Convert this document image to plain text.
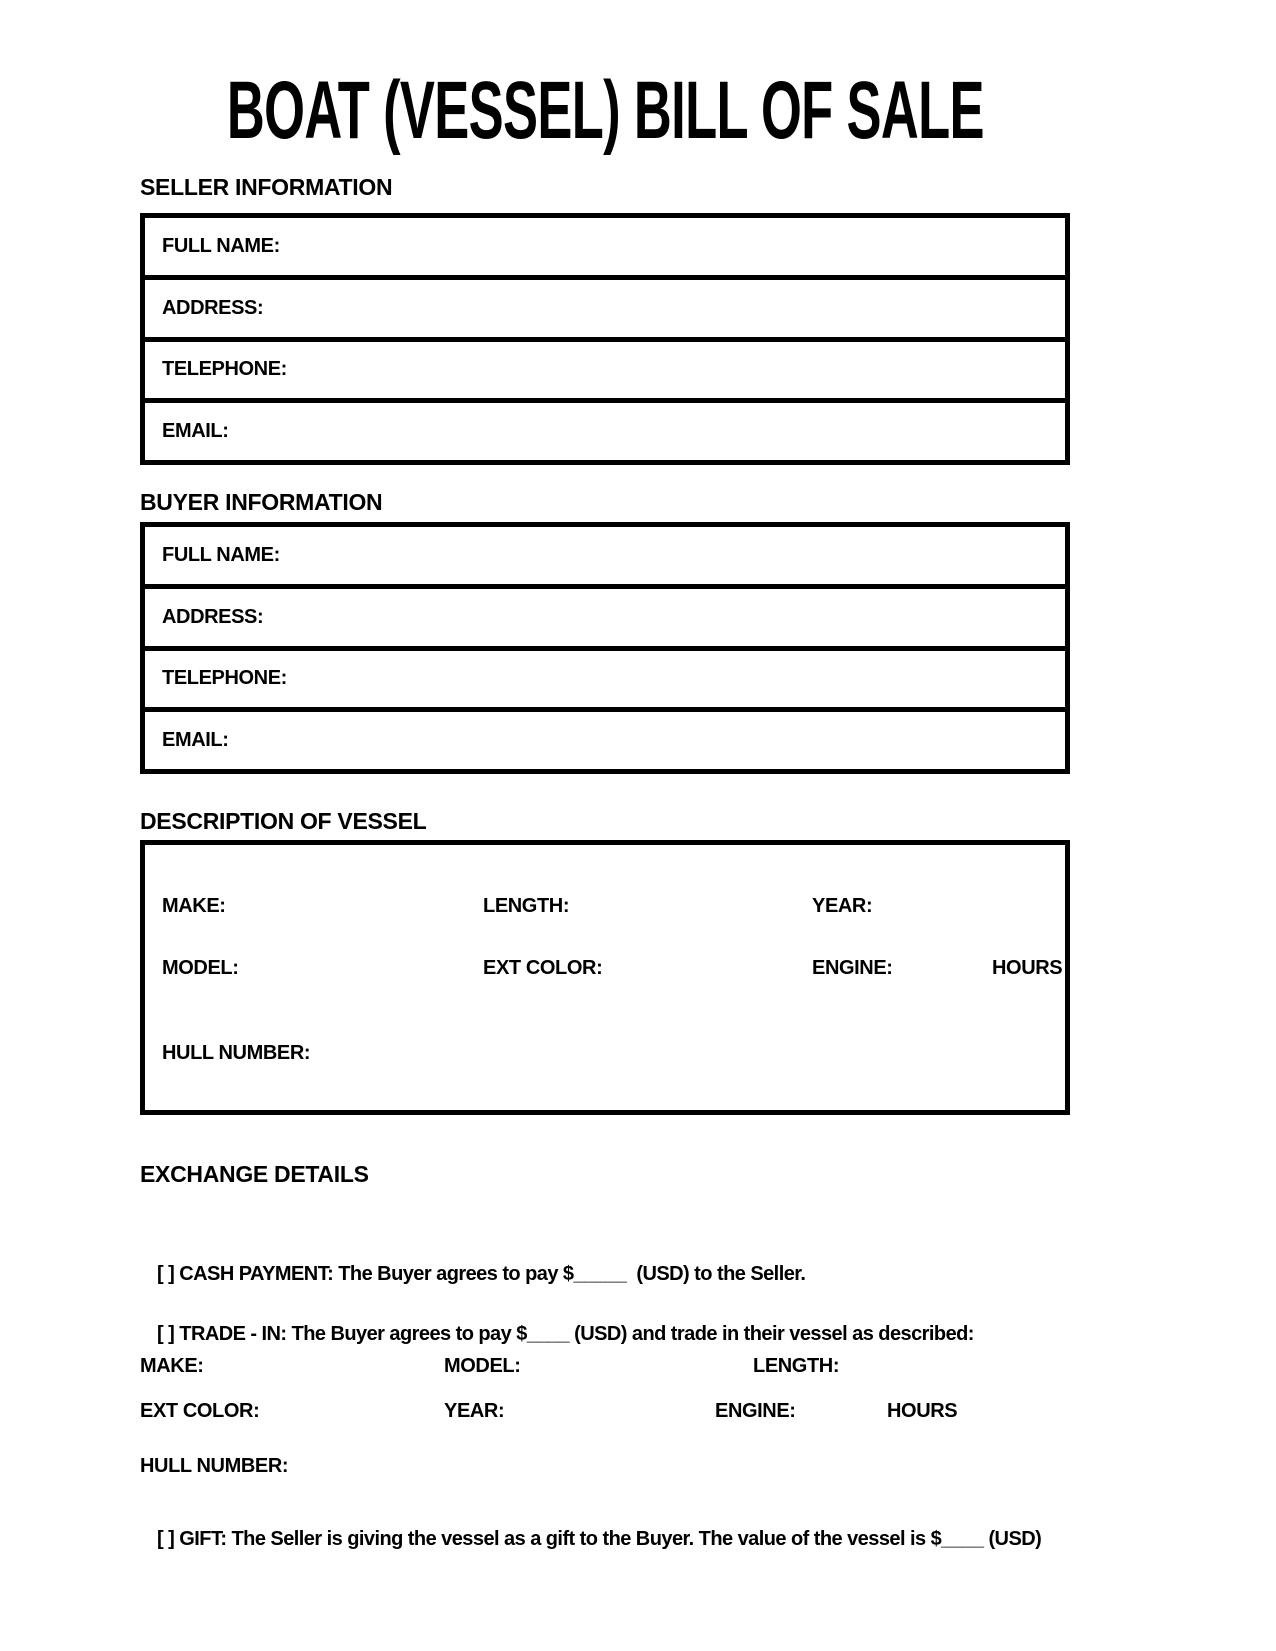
BOAT (VESSEL) BILL OF SALE
SELLER INFORMATION
FULL NAME:
ADDRESS:
TELEPHONE:
EMAIL:
BUYER INFORMATION
FULL NAME:
ADDRESS:
TELEPHONE:
EMAIL:
DESCRIPTION OF VESSEL
MAKE:	LENGTH:	YEAR:
MODEL:	EXT COLOR:	ENGINE:	HOURS
HULL NUMBER:
EXCHANGE DETAILS

[ ] CASH PAYMENT: The Buyer agrees to pay $_____  (USD) to the Seller.

[ ] TRADE - IN: The Buyer agrees to pay $____ (USD) and trade in their vessel as described:

MAKE:	MODEL:	LENGTH:
EXT COLOR:	YEAR:	ENGINE:	HOURS
HULL NUMBER:

[ ] GIFT: The Seller is giving the vessel as a gift to the Buyer. The value of the vessel is $____ (USD)
